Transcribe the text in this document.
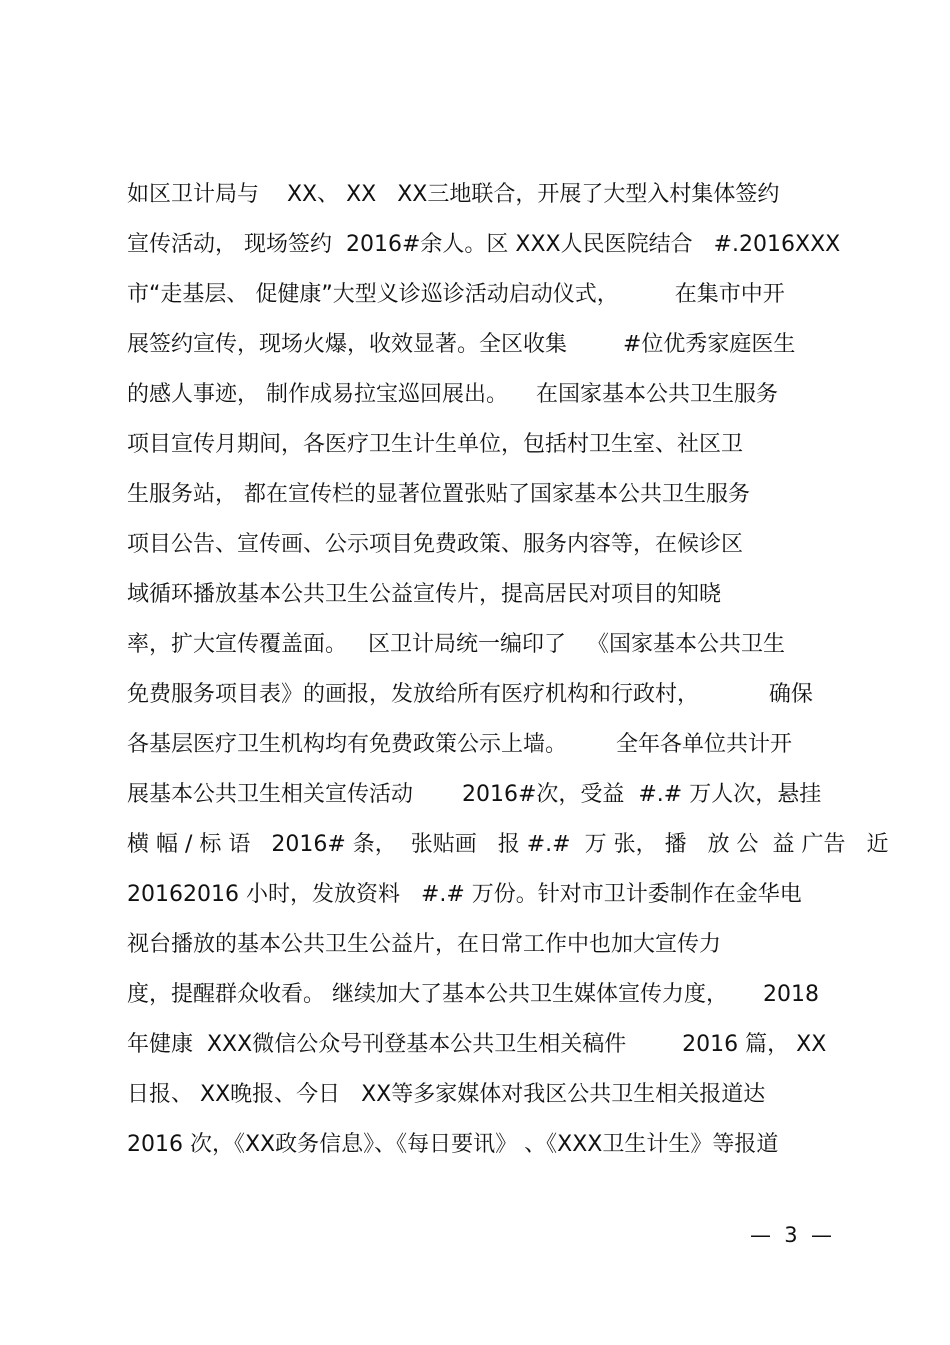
如区卫计局与    XX、 XX   XX三地联合，开展了大型入村集体签约
宣传活动， 现场签约  2016#余人。区 XXX人民医院结合   #.2016XXX
市“走基层、 促健康”大型义诊巡诊活动启动仪式，        在集市中开
展签约宣传，现场火爆，收效显著。全区收集        #位优秀家庭医生
的感人事迹， 制作成易拉宝巡回展出。    在国家基本公共卫生服务
项目宣传月期间，各医疗卫生计生单位，包括村卫生室、社区卫
生服务站， 都在宣传栏的显著位置张贴了国家基本公共卫生服务
项目公告、宣传画、公示项目免费政策、服务内容等，在候诊区
域循环播放基本公共卫生公益宣传片，提高居民对项目的知晓
率，扩大宣传覆盖面。   区卫计局统一编印了   《国家基本公共卫生
免费服务项目表》的画报，发放给所有医疗机构和行政村，          确保
各基层医疗卫生机构均有免费政策公示上墙。       全年各单位共计开
展基本公共卫生相关宣传活动       2016#次，受益  #.# 万人次，悬挂
横 幅 / 标 语   2016# 条，  张贴画   报 #.#  万 张， 播   放 公  益 广告   近
20162016 小时，发放资料   #.# 万份。针对市卫计委制作在金华电
视台播放的基本公共卫生公益片，在日常工作中也加大宣传力
度，提醒群众收看。 继续加大了基本公共卫生媒体宣传力度，     2018
年健康  XXX微信公众号刊登基本公共卫生相关稿件        2016 篇， XX
日报、 XX晚报、今日   XX等多家媒体对我区公共卫生相关报道达
2016 次，《XX政务信息》、《每日要讯》 、《XXX卫生计生》等报道
—  3  —
